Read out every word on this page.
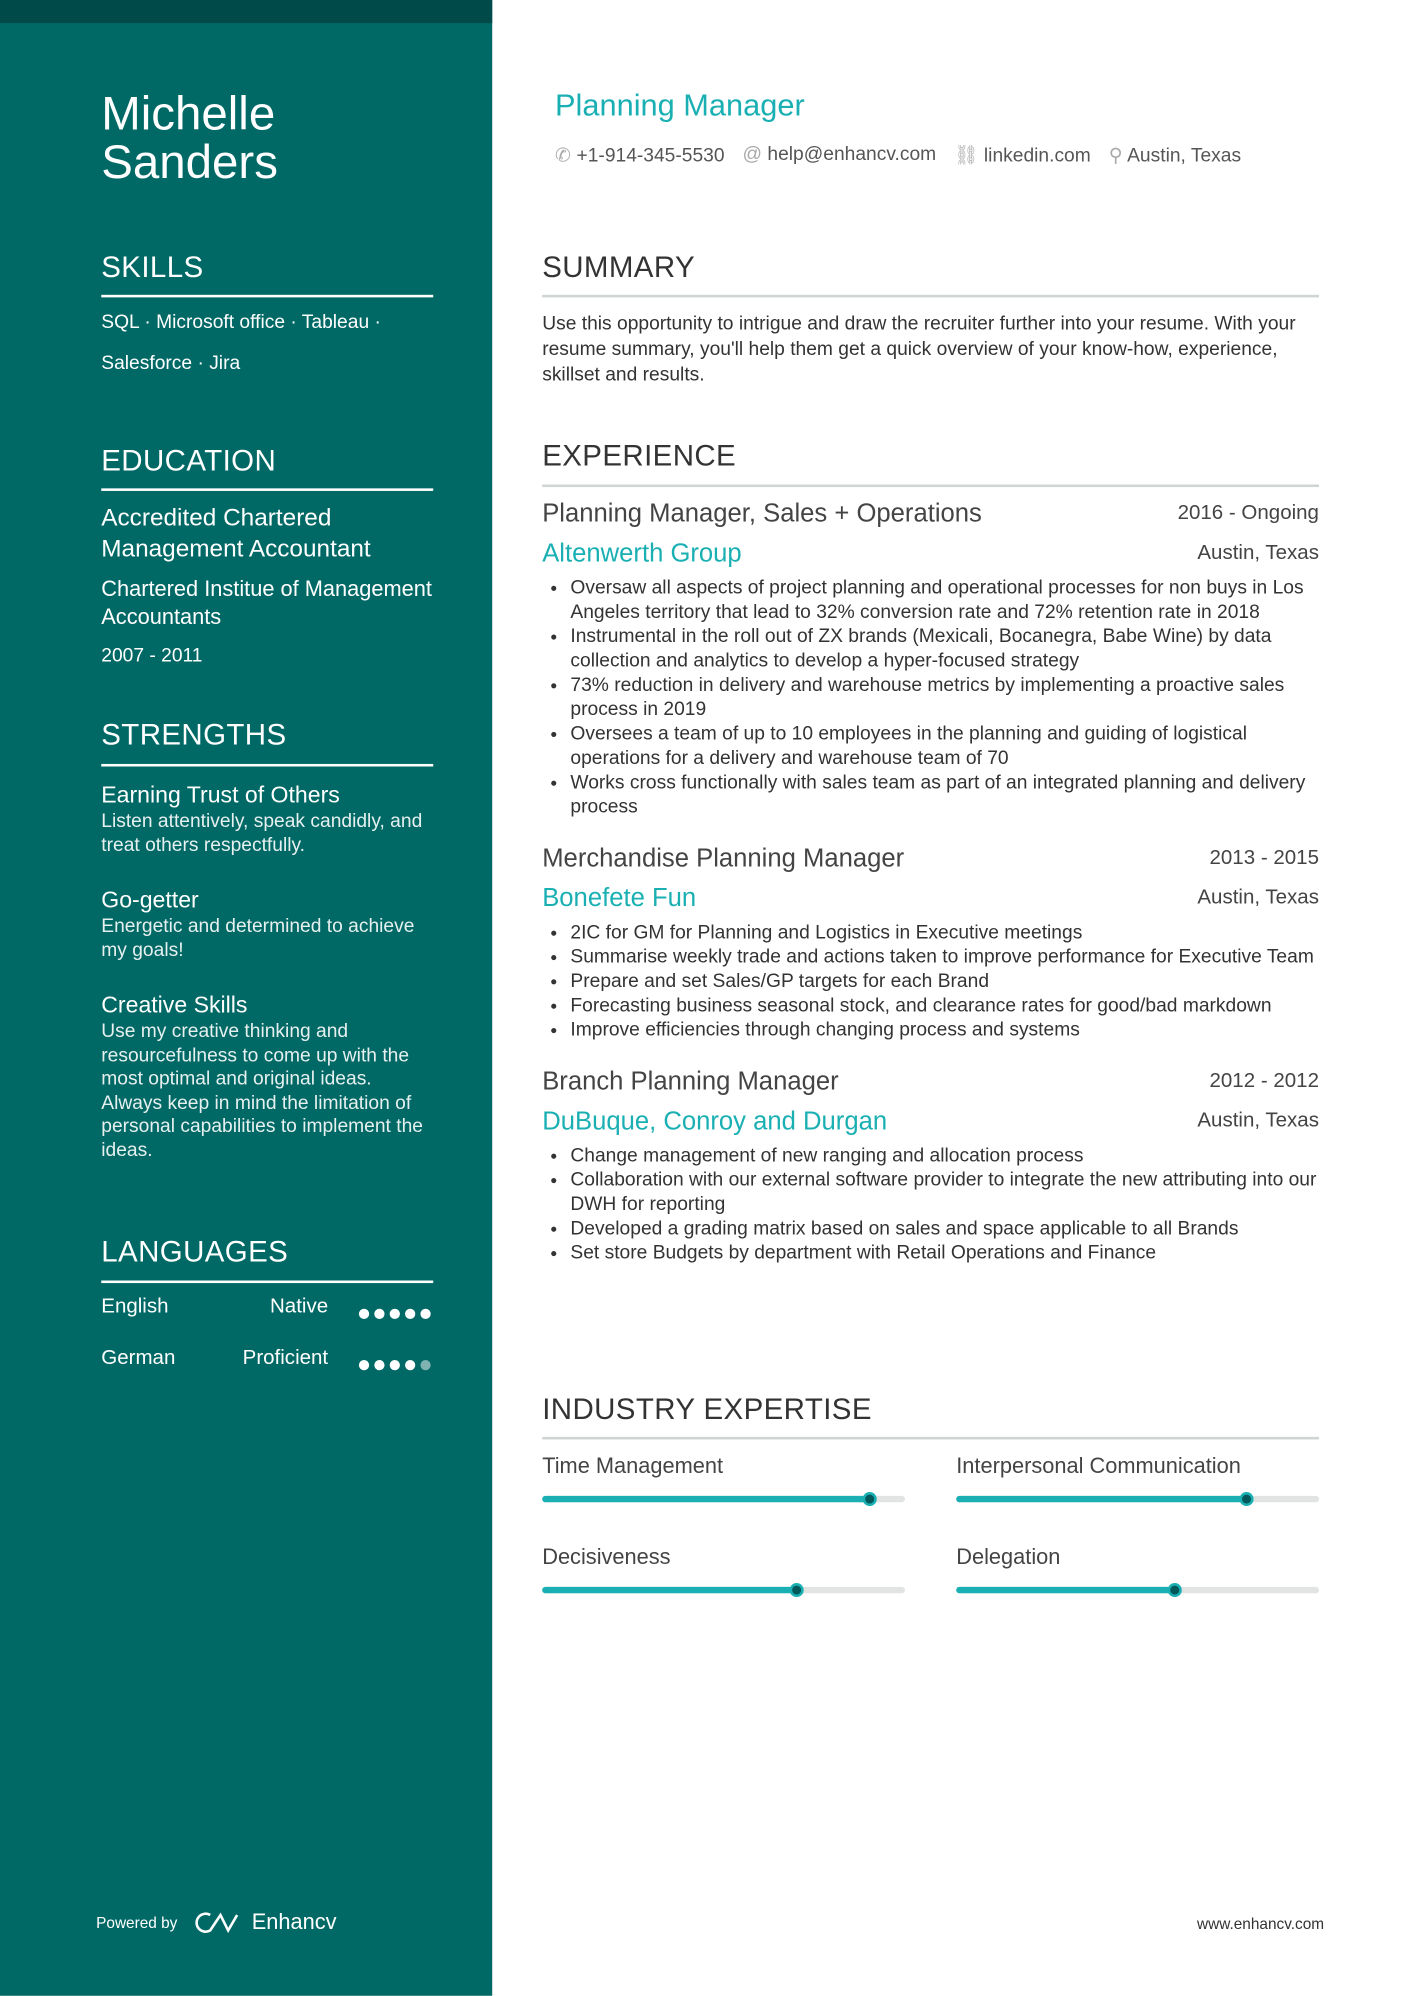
Michelle
Sanders
SKILLS
SQL · Microsoft office · Tableau ·
Salesforce · Jira
EDUCATION
Accredited Chartered Management Accountant
Chartered Institue of Management Accountants
2007 - 2011
STRENGTHS
Earning Trust of Others
Listen attentively, speak candidly, and treat others respectfully.
Go-getter
Energetic and determined to achieve my goals!
Creative Skills
Use my creative thinking and resourcefulness to come up with the most optimal and original ideas. Always keep in mind the limitation of personal capabilities to implement the ideas.
LANGUAGES
English	Native
German	Proficient
Powered by	Enhancv
Planning Manager
✆ +1-914-345-5530 @ help@enhancv.com ⛓ linkedin.com ⚲ Austin, Texas
SUMMARY
Use this opportunity to intrigue and draw the recruiter further into your resume. With your resume summary, you'll help them get a quick overview of your know-how, experience, skillset and results.
EXPERIENCE
Planning Manager, Sales + Operations	2016 - Ongoing
Altenwerth Group	Austin, Texas
• Oversaw all aspects of project planning and operational processes for non buys in Los Angeles territory that lead to 32% conversion rate and 72% retention rate in 2018
• Instrumental in the roll out of ZX brands (Mexicali, Bocanegra, Babe Wine) by data collection and analytics to develop a hyper-focused strategy
• 73% reduction in delivery and warehouse metrics by implementing a proactive sales process in 2019
• Oversees a team of up to 10 employees in the planning and guiding of logistical operations for a delivery and warehouse team of 70
• Works cross functionally with sales team as part of an integrated planning and delivery process
Merchandise Planning Manager	2013 - 2015
Bonefete Fun	Austin, Texas
• 2IC for GM for Planning and Logistics in Executive meetings
• Summarise weekly trade and actions taken to improve performance for Executive Team
• Prepare and set Sales/GP targets for each Brand
• Forecasting business seasonal stock, and clearance rates for good/bad markdown
• Improve efficiencies through changing process and systems
Branch Planning Manager	2012 - 2012
DuBuque, Conroy and Durgan	Austin, Texas
• Change management of new ranging and allocation process
• Collaboration with our external software provider to integrate the new attributing into our DWH for reporting
• Developed a grading matrix based on sales and space applicable to all Brands
• Set store Budgets by department with Retail Operations and Finance
INDUSTRY EXPERTISE
Time Management	Interpersonal Communication
Decisiveness	Delegation
www.enhancv.com
